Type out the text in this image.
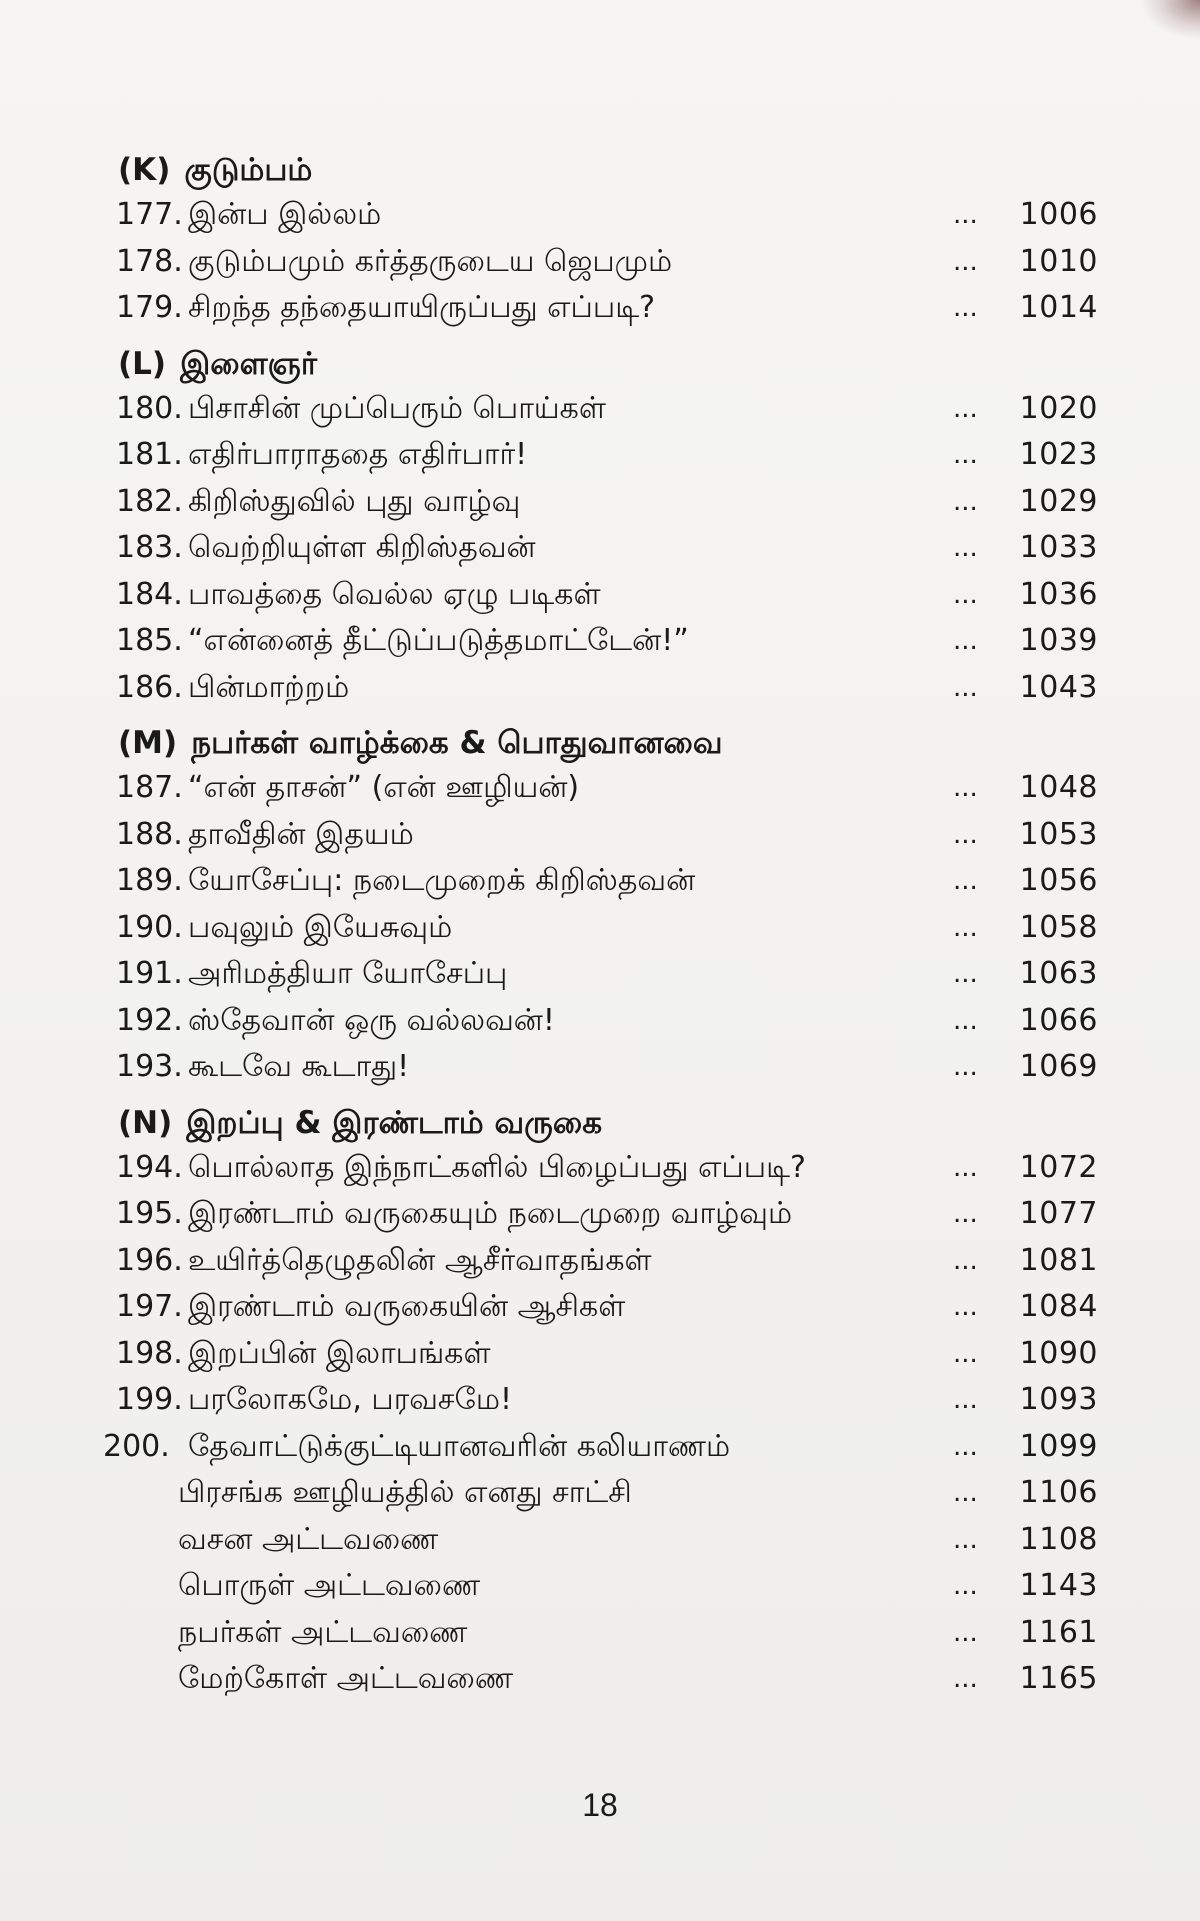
(K) குடும்பம்
177. இன்ப இல்லம்	... 1006
178. குடும்பமும் கர்த்தருடைய ஜெபமும்	... 1010
179. சிறந்த தந்தையாயிருப்பது எப்படி?	... 1014
(L) இளைஞர்
180. பிசாசின் முப்பெரும் பொய்கள்	... 1020
181. எதிர்பாராததை எதிர்பார்!	... 1023
182. கிறிஸ்துவில் புது வாழ்வு	... 1029
183. வெற்றியுள்ள கிறிஸ்தவன்	... 1033
184. பாவத்தை வெல்ல ஏழு படிகள்	... 1036
185. “என்னைத் தீட்டுப்படுத்தமாட்டேன்!”	... 1039
186. பின்மாற்றம்	... 1043
(M) நபர்கள் வாழ்க்கை & பொதுவானவை
187. “என் தாசன்” (என் ஊழியன்)	... 1048
188. தாவீதின் இதயம்	... 1053
189. யோசேப்பு: நடைமுறைக் கிறிஸ்தவன்	... 1056
190. பவுலும் இயேசுவும்	... 1058
191. அரிமத்தியா யோசேப்பு	... 1063
192. ஸ்தேவான் ஒரு வல்லவன்!	... 1066
193. கூடவே கூடாது!	... 1069
(N) இறப்பு & இரண்டாம் வருகை
194. பொல்லாத இந்நாட்களில் பிழைப்பது எப்படி?	... 1072
195. இரண்டாம் வருகையும் நடைமுறை வாழ்வும்	... 1077
196. உயிர்த்தெழுதலின் ஆசீர்வாதங்கள்	... 1081
197. இரண்டாம் வருகையின் ஆசிகள்	... 1084
198. இறப்பின் இலாபங்கள்	... 1090
199. பரலோகமே, பரவசமே!	... 1093
200. தேவாட்டுக்குட்டியானவரின் கலியாணம்	... 1099
பிரசங்க ஊழியத்தில் எனது சாட்சி	... 1106
வசன அட்டவணை	... 1108
பொருள் அட்டவணை	... 1143
நபர்கள் அட்டவணை	... 1161
மேற்கோள் அட்டவணை	... 1165
18
